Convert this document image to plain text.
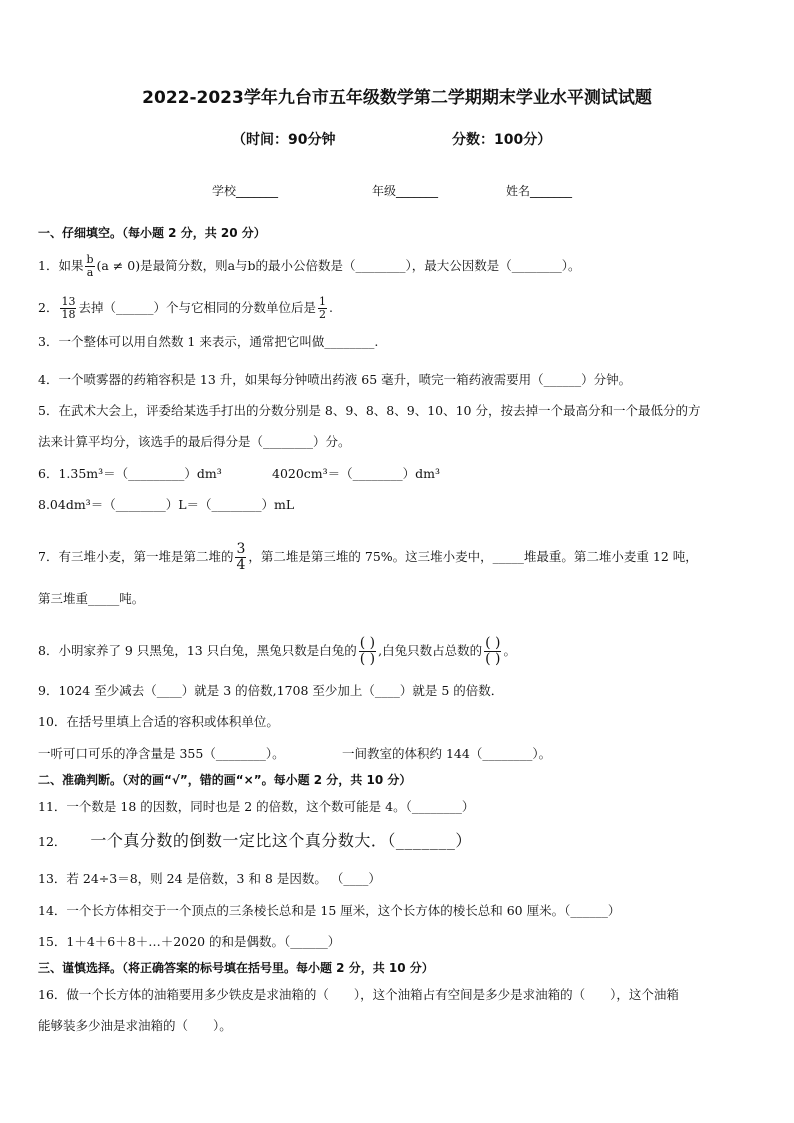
2022-2023学年九台市五年级数学第二学期期末学业水平测试试题
（时间：90分钟	分数：100分）
学校_______	年级_______	姓名_______
一、仔细填空。（每小题 2 分，共 20 分）
1．如果 $\frac{b}{a} (a \ne 0)$是最简分数，则a与b的最小公倍数是（________），最大公因数是（________）。
2． $\frac{13}{18}$ 去掉（______）个与它相同的分数单位后是 $\frac{1}{2}$ .
3．一个整体可以用自然数 1 来表示，通常把它叫做________.
4．一个喷雾器的药箱容积是 13 升，如果每分钟喷出药液 65 毫升，喷完一箱药液需要用（______）分钟。
5．在武术大会上，评委给某选手打出的分数分别是 8、9、8、8、9、10、10 分，按去掉一个最高分和一个最低分的方
法来计算平均分，该选手的最后得分是（________）分。
6．1.35m³＝（_________）dm³	4020cm³＝（________）dm³
8.04dm³＝（________）L＝（________）mL
7．有三堆小麦，第一堆是第二堆的 $\frac{3}{4}$ ，第二堆是第三堆的 75%。这三堆小麦中，_____堆最重。第二堆小麦重 12 吨，
第三堆重_____吨。
8．小明家养了 9 只黑兔，13 只白兔，黑兔只数是白兔的 $\frac{( )}{( )}$ ,白兔只数占总数的 $\frac{( )}{( )}$ 。
9．1024 至少减去（____）就是 3 的倍数,1708 至少加上（____）就是 5 的倍数．
10．在括号里填上合适的容积或体积单位。
一听可口可乐的净含量是 355（________）。	一间教室的体积约 144（________）。
二、准确判断。（对的画“√”，错的画“×”。每小题 2 分，共 10 分）
11．一个数是 18 的因数，同时也是 2 的倍数，这个数可能是 4。（________）
12． 一个真分数的倒数一定比这个真分数大．（_______）
13．若 24÷3＝8，则 24 是倍数，3 和 8 是因数。 （____）
14．一个长方体相交于一个顶点的三条棱长总和是 15 厘米，这个长方体的棱长总和 60 厘米。（______）
15．1＋4＋6＋8＋…＋2020 的和是偶数。（______）
三、谨慎选择。（将正确答案的标号填在括号里。每小题 2 分，共 10 分）
16．做一个长方体的油箱要用多少铁皮是求油箱的（　　），这个油箱占有空间是多少是求油箱的（　　），这个油箱
能够装多少油是求油箱的（　　）。
